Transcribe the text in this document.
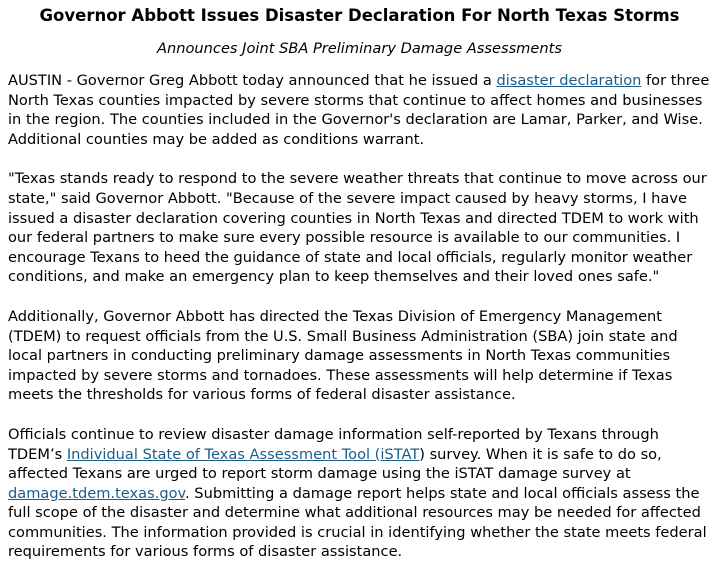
Governor Abbott Issues Disaster Declaration For North Texas Storms
Announces Joint SBA Preliminary Damage Assessments

AUSTIN - Governor Greg Abbott today announced that he issued a disaster declaration for three North Texas counties impacted by severe storms that continue to affect homes and businesses in the region. The counties included in the Governor's declaration are Lamar, Parker, and Wise. Additional counties may be added as conditions warrant.

"Texas stands ready to respond to the severe weather threats that continue to move across our state," said Governor Abbott. "Because of the severe impact caused by heavy storms, I have issued a disaster declaration covering counties in North Texas and directed TDEM to work with our federal partners to make sure every possible resource is available to our communities. I encourage Texans to heed the guidance of state and local officials, regularly monitor weather conditions, and make an emergency plan to keep themselves and their loved ones safe."

Additionally, Governor Abbott has directed the Texas Division of Emergency Management (TDEM) to request officials from the U.S. Small Business Administration (SBA) join state and local partners in conducting preliminary damage assessments in North Texas communities impacted by severe storms and tornadoes. These assessments will help determine if Texas meets the thresholds for various forms of federal disaster assistance.

Officials continue to review disaster damage information self-reported by Texans through TDEM’s Individual State of Texas Assessment Tool (iSTAT) survey. When it is safe to do so, affected Texans are urged to report storm damage using the iSTAT damage survey at damage.tdem.texas.gov. Submitting a damage report helps state and local officials assess the full scope of the disaster and determine what additional resources may be needed for affected communities. The information provided is crucial in identifying whether the state meets federal requirements for various forms of disaster assistance.
